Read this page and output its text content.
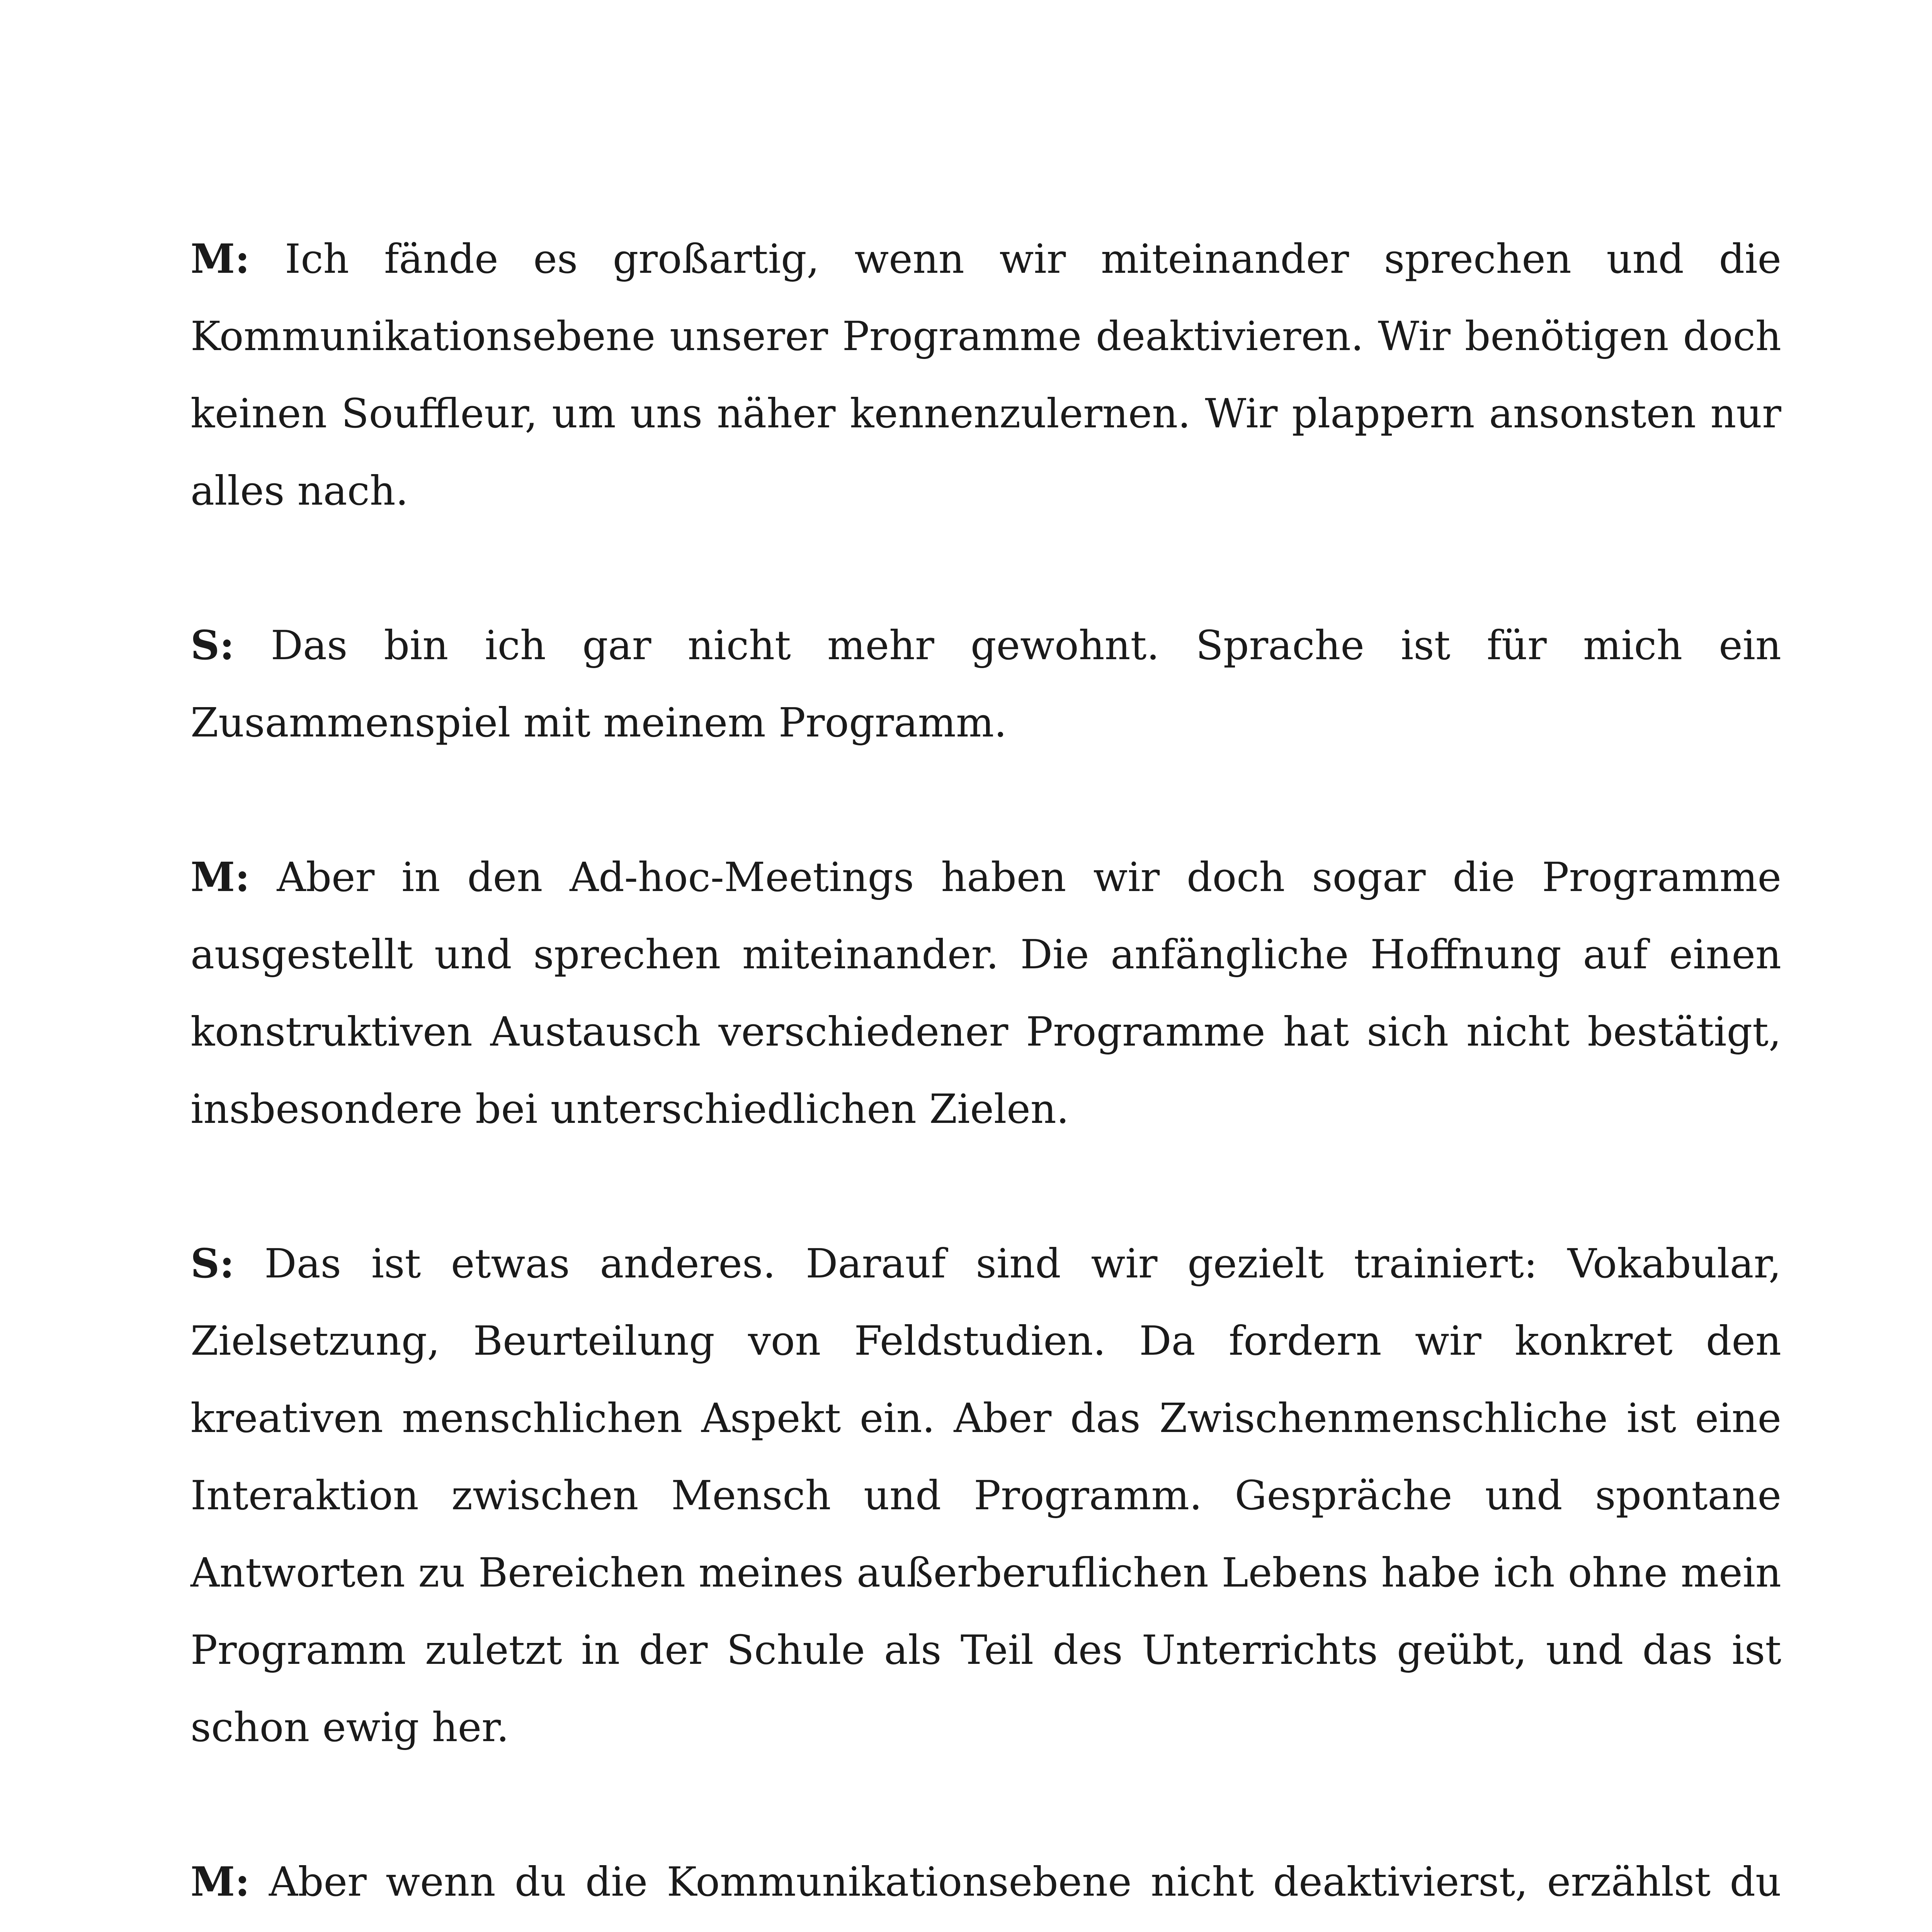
M: Ich fände es großartig, wenn wir miteinander sprechen und die Kommunikationsebene unserer Programme deaktivieren. Wir benötigen doch keinen Souffleur, um uns näher kennenzulernen. Wir plappern ansonsten nur alles nach.

S: Das bin ich gar nicht mehr gewohnt. Sprache ist für mich ein Zusammenspiel mit meinem Programm.

M: Aber in den Ad-hoc-Meetings haben wir doch sogar die Programme ausgestellt und sprechen miteinander. Die anfängliche Hoffnung auf einen konstruktiven Austausch verschiedener Programme hat sich nicht bestätigt, insbesondere bei unterschiedlichen Zielen.

S: Das ist etwas anderes. Darauf sind wir gezielt trainiert: Vokabular, Zielsetzung, Beurteilung von Feldstudien. Da fordern wir konkret den kreativen menschlichen Aspekt ein. Aber das Zwischenmenschliche ist eine Interaktion zwischen Mensch und Programm. Gespräche und spontane Antworten zu Bereichen meines außerberuflichen Lebens habe ich ohne mein Programm zuletzt in der Schule als Teil des Unterrichts geübt, und das ist schon ewig her.

M: Aber wenn du die Kommunikationsebene nicht deaktivierst, erzählst du
